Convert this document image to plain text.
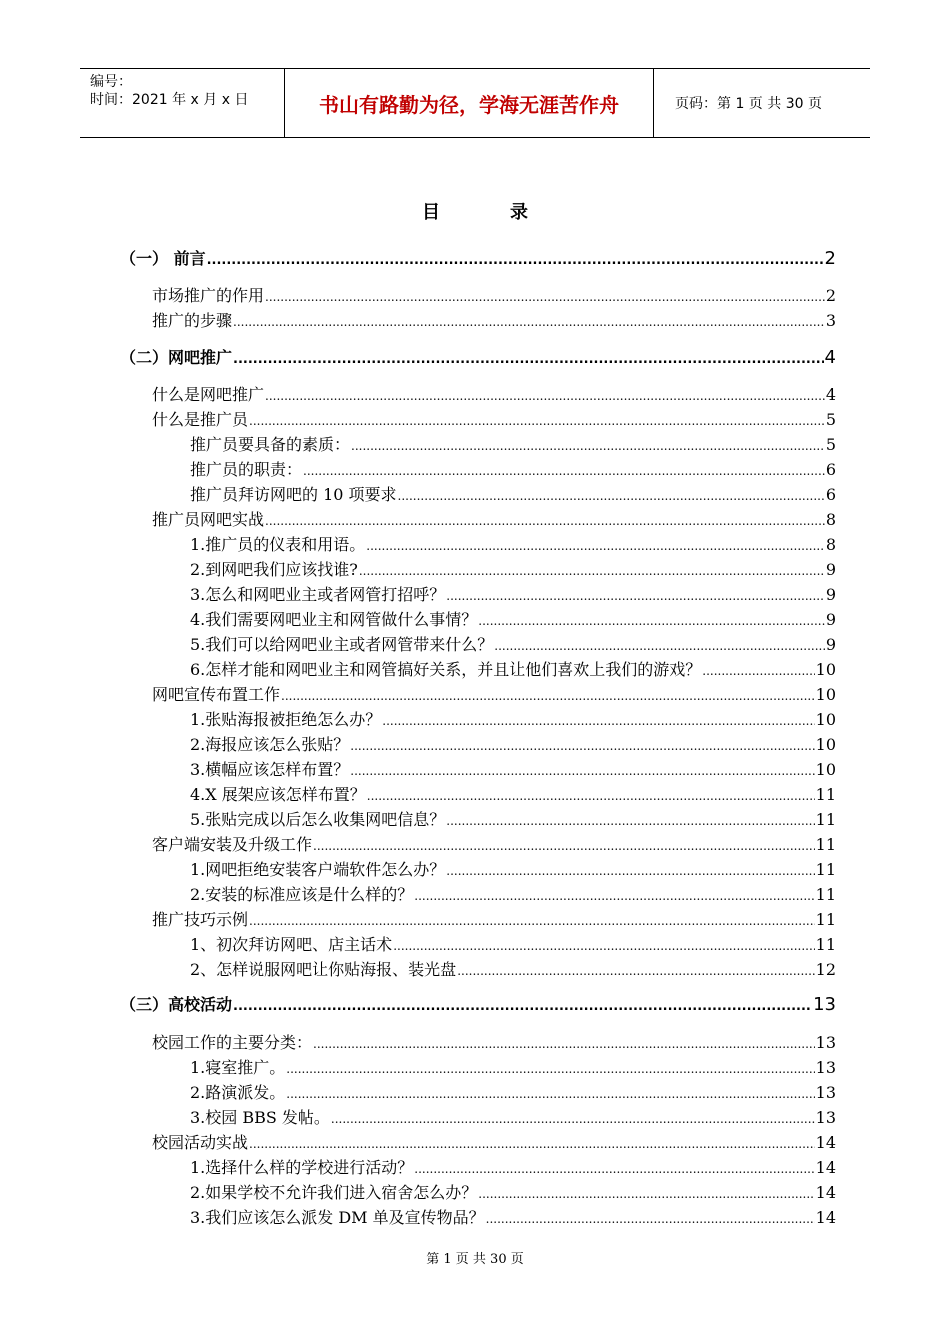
编号：
时间：2021 年 x 月 x 日	书山有路勤为径，学海无涯苦作舟	页码：第 1 页 共 30 页
目	录
（一） 前言 .....	2
市场推广的作用 .....	2
推广的步骤 .....	3
（二）网吧推广 .....	4
什么是网吧推广 .....	4
什么是推广员 .....	5
推广员要具备的素质： .....	5
推广员的职责： .....	6
推广员拜访网吧的 10 项要求 .....	6
推广员网吧实战 .....	8
1.推广员的仪表和用语。 .....	8
2.到网吧我们应该找谁? .....	9
3.怎么和网吧业主或者网管打招呼？ .....	9
4.我们需要网吧业主和网管做什么事情？ .....	9
5.我们可以给网吧业主或者网管带来什么？ .....	9
6.怎样才能和网吧业主和网管搞好关系，并且让他们喜欢上我们的游戏？ .....	10
网吧宣传布置工作 .....	10
1.张贴海报被拒绝怎么办？ .....	10
2.海报应该怎么张贴？ .....	10
3.横幅应该怎样布置？ .....	10
4.X 展架应该怎样布置？ .....	11
5.张贴完成以后怎么收集网吧信息？ .....	11
客户端安装及升级工作 .....	11
1.网吧拒绝安装客户端软件怎么办？ .....	11
2.安装的标准应该是什么样的？ .....	11
推广技巧示例 .....	11
1、初次拜访网吧、店主话术 .....	11
2、怎样说服网吧让你贴海报、装光盘 .....	12
（三）高校活动 .....	13
校园工作的主要分类： .....	13
1.寝室推广。 .....	13
2.路演派发。 .....	13
3.校园 BBS 发帖。 .....	13
校园活动实战 .....	14
1.选择什么样的学校进行活动？ .....	14
2.如果学校不允许我们进入宿舍怎么办？ .....	14
3.我们应该怎么派发 DM 单及宣传物品？ .....	14
第 1 页 共 30 页
